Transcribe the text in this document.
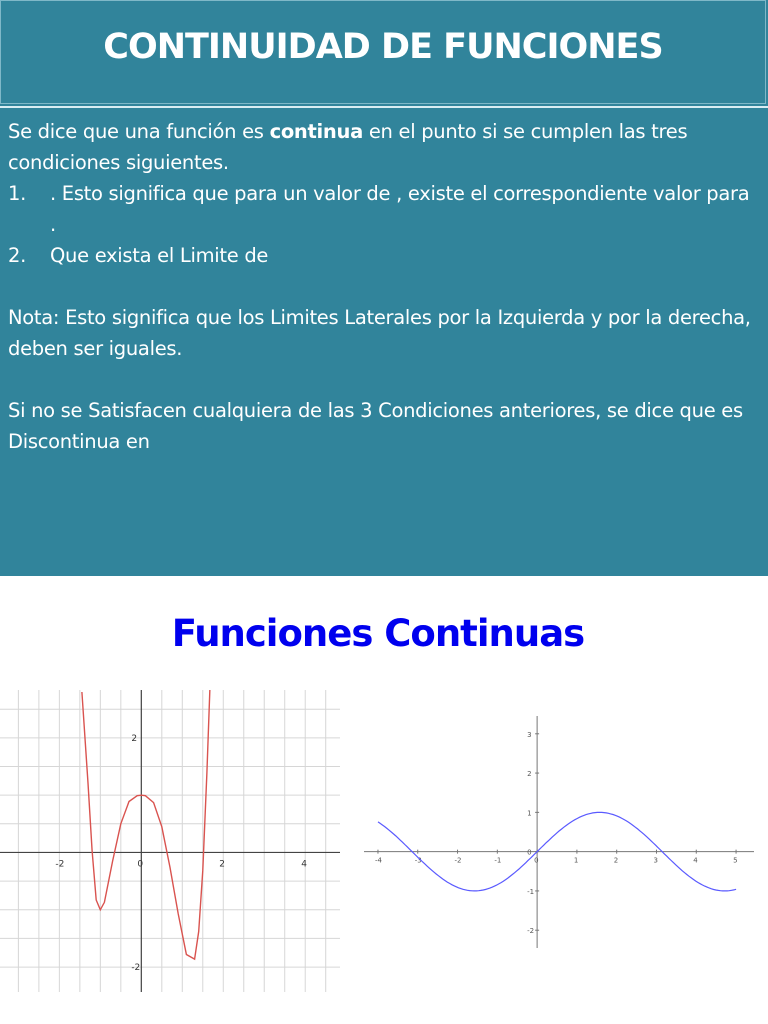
CONTINUIDAD DE FUNCIONES

Se dice que una función es continua en el punto si se cumplen las tres condiciones siguientes.

1.	. Esto significa que para un valor de , existe el correspondiente valor para .
2.	Que exista el Limite de

Nota: Esto significa que los Limites Laterales por la Izquierda y por la derecha, deben ser iguales.

Si no se Satisfacen cualquiera de las 3 Condiciones anteriores, se dice que es Discontinua en

Funciones Continuas
-2	0	2	4
2
-2
-4	-3	-2	-1	0	1	2	3	4	5
3
2
1
0
-1
-2
